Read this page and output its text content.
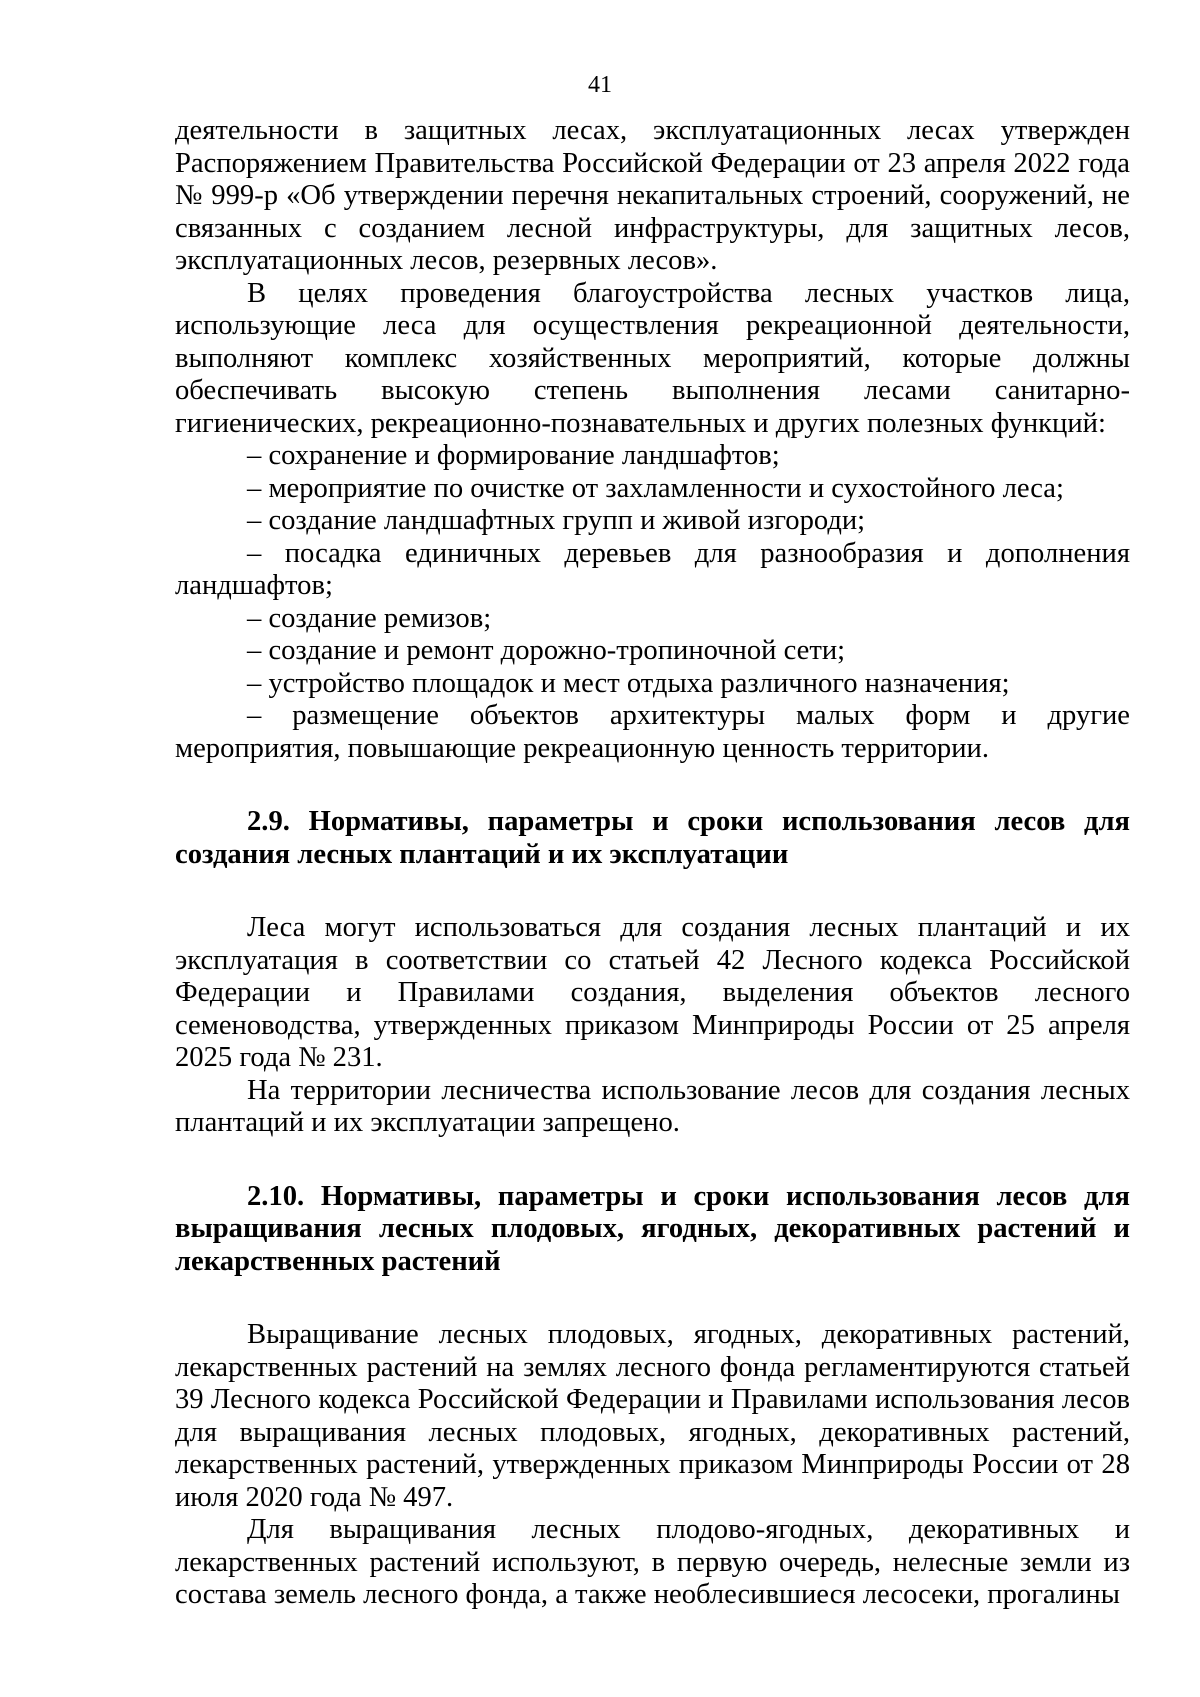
41

деятельности в защитных лесах, эксплуатационных лесах утвержден Распоряжением Правительства Российской Федерации от 23 апреля 2022 года № 999-р «Об утверждении перечня некапитальных строений, сооружений, не связанных с созданием лесной инфраструктуры, для защитных лесов, эксплуатационных лесов, резервных лесов».

В целях проведения благоустройства лесных участков лица, использующие леса для осуществления рекреационной деятельности, выполняют комплекс хозяйственных мероприятий, которые должны обеспечивать высокую степень выполнения лесами санитарно-гигиенических, рекреационно-познавательных и других полезных функций:

– сохранение и формирование ландшафтов;

– мероприятие по очистке от захламленности и сухостойного леса;

– создание ландшафтных групп и живой изгороди;

– посадка единичных деревьев для разнообразия и дополнения ландшафтов;

– создание ремизов;

– создание и ремонт дорожно-тропиночной сети;

– устройство площадок и мест отдыха различного назначения;

– размещение объектов архитектуры малых форм и другие мероприятия, повышающие рекреационную ценность территории.

2.9. Нормативы, параметры и сроки использования лесов для создания лесных плантаций и их эксплуатации

Леса могут использоваться для создания лесных плантаций и их эксплуатация в соответствии со статьей 42 Лесного кодекса Российской Федерации и Правилами создания, выделения объектов лесного семеноводства, утвержденных приказом Минприроды России от 25 апреля 2025 года № 231.

На территории лесничества использование лесов для создания лесных плантаций и их эксплуатации запрещено.

2.10. Нормативы, параметры и сроки использования лесов для выращивания лесных плодовых, ягодных, декоративных растений и лекарственных растений

Выращивание лесных плодовых, ягодных, декоративных растений, лекарственных растений на землях лесного фонда регламентируются статьей 39 Лесного кодекса Российской Федерации и Правилами использования лесов для выращивания лесных плодовых, ягодных, декоративных растений, лекарственных растений, утвержденных приказом Минприроды России от 28 июля 2020 года № 497.

Для выращивания лесных плодово-ягодных, декоративных и лекарственных растений используют, в первую очередь, нелесные земли из состава земель лесного фонда, а также необлесившиеся лесосеки, прогалины
